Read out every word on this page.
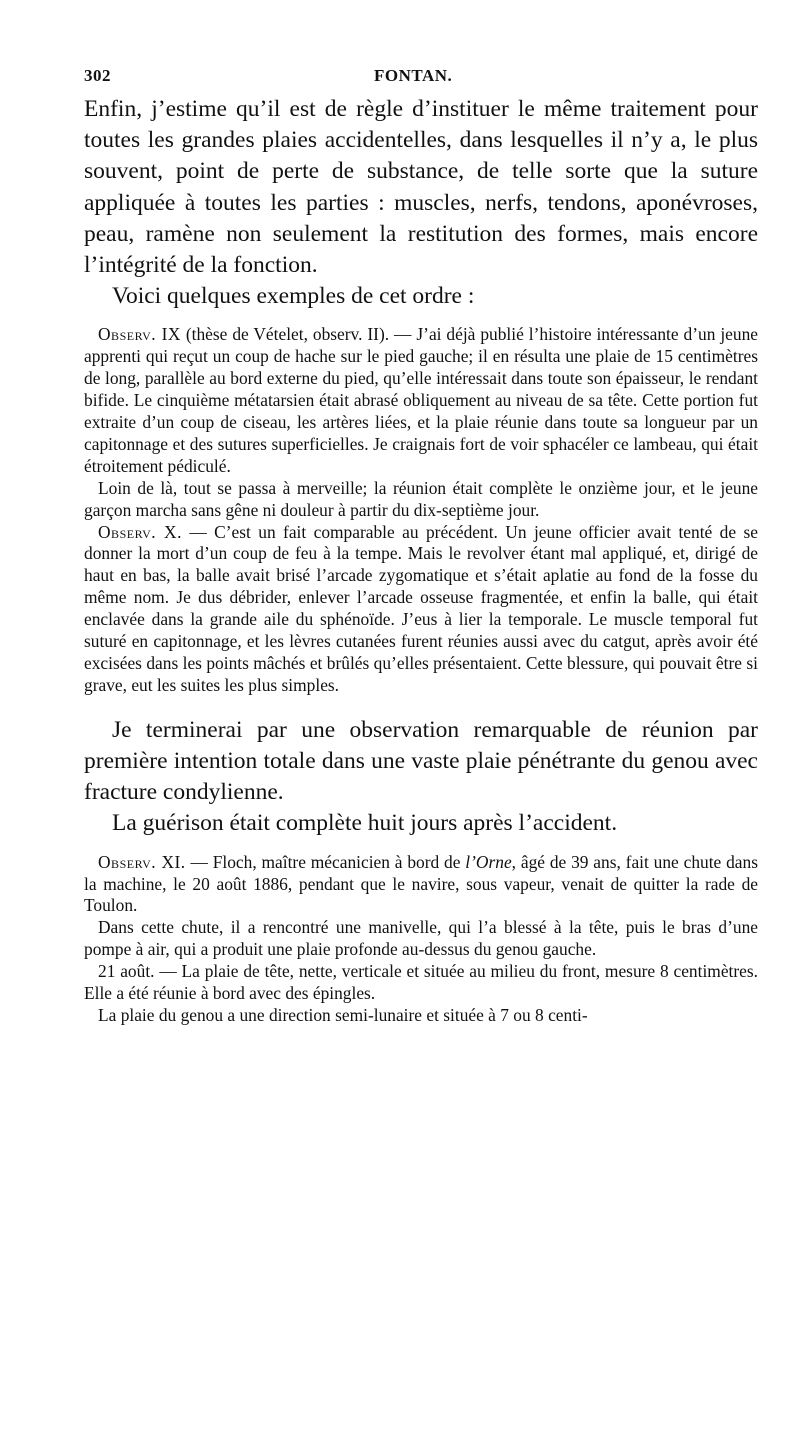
302	FONTAN.

Enfin, j’estime qu’il est de règle d’instituer le même traitement pour toutes les grandes plaies accidentelles, dans lesquelles il n’y a, le plus souvent, point de perte de substance, de telle sorte que la suture appliquée à toutes les parties : muscles, nerfs, tendons, aponévroses, peau, ramène non seulement la restitution des formes, mais encore l’intégrité de la fonction.

Voici quelques exemples de cet ordre :

Observ. IX (thèse de Vételet, observ. II). — J’ai déjà publié l’histoire intéressante d’un jeune apprenti qui reçut un coup de hache sur le pied gauche; il en résulta une plaie de 15 centimètres de long, parallèle au bord externe du pied, qu’elle intéressait dans toute son épaisseur, le rendant bifide. Le cinquième métatarsien était abrasé obliquement au niveau de sa tête. Cette portion fut extraite d’un coup de ciseau, les artères liées, et la plaie réunie dans toute sa longueur par un capitonnage et des sutures superficielles. Je craignais fort de voir sphacéler ce lambeau, qui était étroitement pédiculé.

Loin de là, tout se passa à merveille; la réunion était complète le onzième jour, et le jeune garçon marcha sans gêne ni douleur à partir du dix-septième jour.

Observ. X. — C’est un fait comparable au précédent. Un jeune officier avait tenté de se donner la mort d’un coup de feu à la tempe. Mais le revolver étant mal appliqué, et, dirigé de haut en bas, la balle avait brisé l’arcade zygomatique et s’était aplatie au fond de la fosse du même nom. Je dus débrider, enlever l’arcade osseuse fragmentée, et enfin la balle, qui était enclavée dans la grande aile du sphénoïde. J’eus à lier la temporale. Le muscle temporal fut suturé en capitonnage, et les lèvres cutanées furent réunies aussi avec du catgut, après avoir été excisées dans les points mâchés et brûlés qu’elles présentaient. Cette blessure, qui pouvait être si grave, eut les suites les plus simples.

Je terminerai par une observation remarquable de réunion par première intention totale dans une vaste plaie pénétrante du genou avec fracture condylienne.

La guérison était complète huit jours après l’accident.

Observ. XI. — Floch, maître mécanicien à bord de l’Orne, âgé de 39 ans, fait une chute dans la machine, le 20 août 1886, pendant que le navire, sous vapeur, venait de quitter la rade de Toulon.

Dans cette chute, il a rencontré une manivelle, qui l’a blessé à la tête, puis le bras d’une pompe à air, qui a produit une plaie profonde au-dessus du genou gauche.

21 août. — La plaie de tête, nette, verticale et située au milieu du front, mesure 8 centimètres. Elle a été réunie à bord avec des épingles.

La plaie du genou a une direction semi-lunaire et située à 7 ou 8 centi-
